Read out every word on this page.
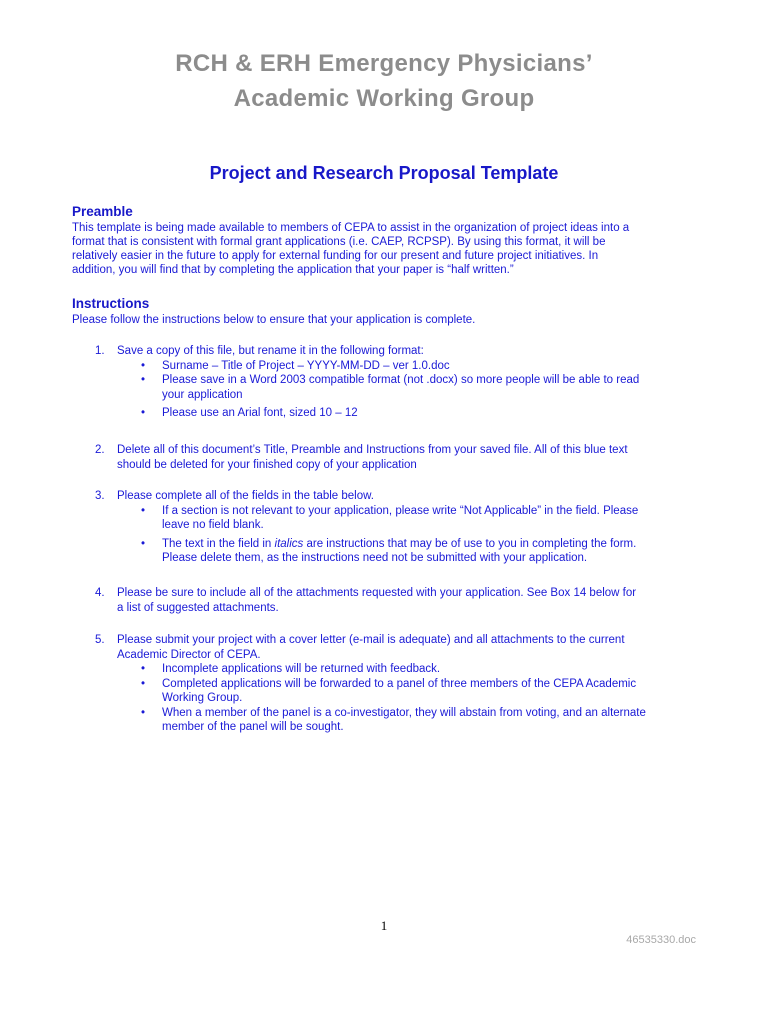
RCH & ERH Emergency Physicians’
Academic Working Group
Project and Research Proposal Template
Preamble

This template is being made available to members of CEPA to assist in the organization of project ideas into a

format that is consistent with formal grant applications (i.e. CAEP, RCPSP). By using this format, it will be

relatively easier in the future to apply for external funding for our present and future project initiatives. In

addition, you will find that by completing the application that your paper is “half written.”

Instructions
Please follow the instructions below to ensure that your application is complete.
1. Save a copy of this file, but rename it in the following format:
• Surname – Title of Project – YYYY-MM-DD – ver 1.0.doc
• Please save in a Word 2003 compatible format (not .docx) so more people will be able to read
your application
• Please use an Arial font, sized 10 – 12
2. Delete all of this document’s Title, Preamble and Instructions from your saved file. All of this blue text
should be deleted for your finished copy of your application
3. Please complete all of the fields in the table below.
• If a section is not relevant to your application, please write “Not Applicable” in the field. Please
leave no field blank.
• The text in the field in italics are instructions that may be of use to you in completing the form.
Please delete them, as the instructions need not be submitted with your application.
4. Please be sure to include all of the attachments requested with your application. See Box 14 below for
a list of suggested attachments.
5. Please submit your project with a cover letter (e-mail is adequate) and all attachments to the current
Academic Director of CEPA.
• Incomplete applications will be returned with feedback.
• Completed applications will be forwarded to a panel of three members of the CEPA Academic
Working Group.
• When a member of the panel is a co-investigator, they will abstain from voting, and an alternate
member of the panel will be sought.
1
46535330.doc
